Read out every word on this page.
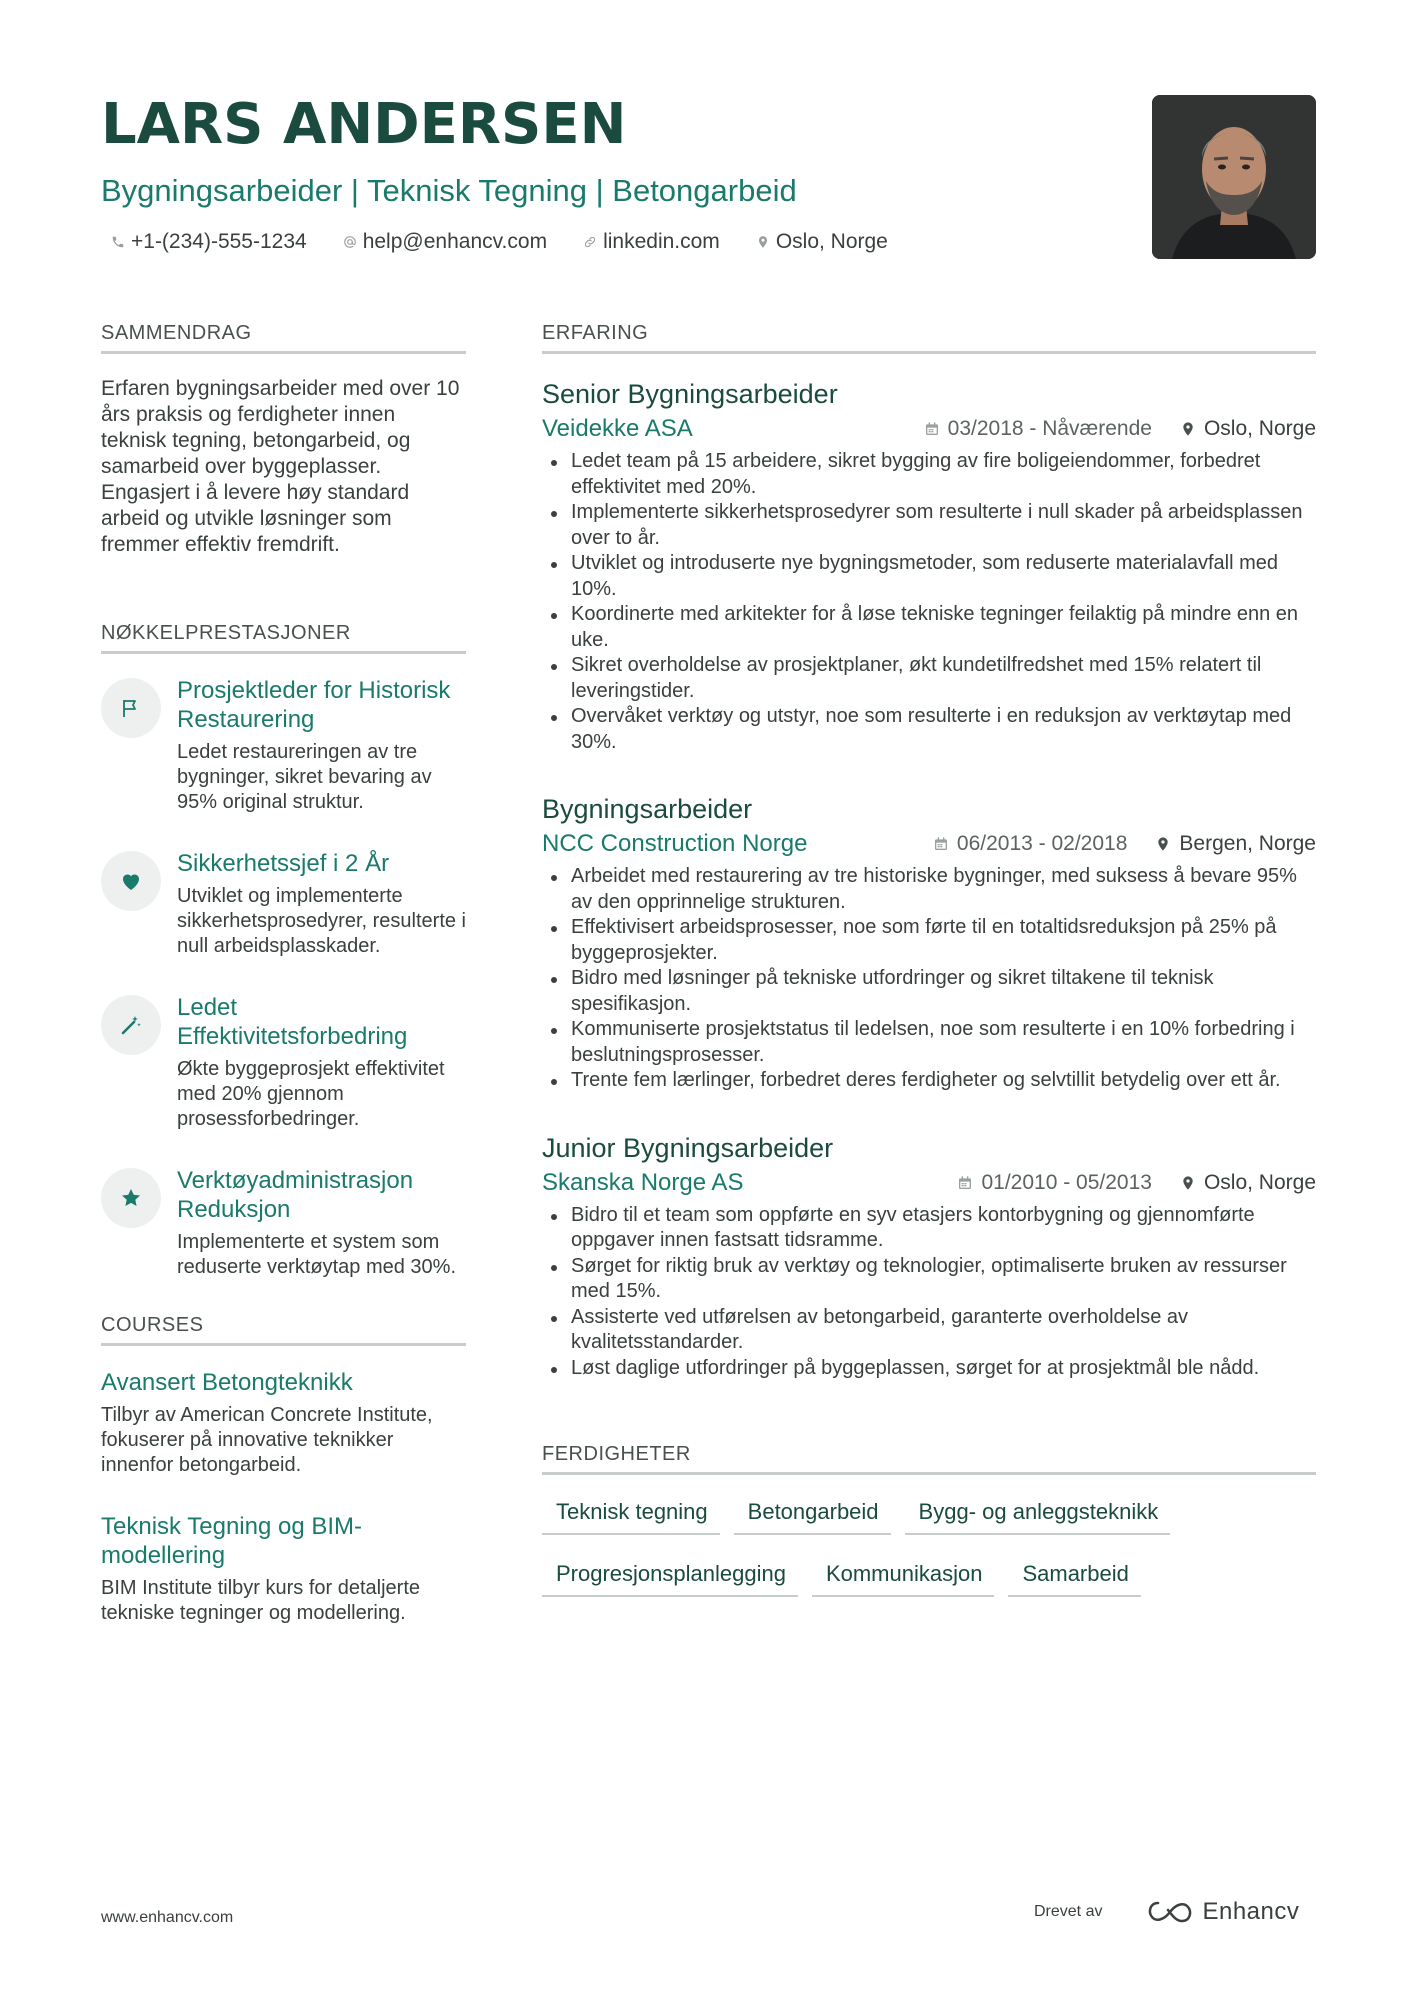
LARS ANDERSEN
Bygningsarbeider | Teknisk Tegning | Betongarbeid
+1-(234)-555-1234	help@enhancv.com	linkedin.com	Oslo, Norge
SAMMENDRAG
Erfaren bygningsarbeider med over 10 års praksis og ferdigheter innen teknisk tegning, betongarbeid, og samarbeid over byggeplasser. Engasjert i å levere høy standard arbeid og utvikle løsninger som fremmer effektiv fremdrift.
NØKKELPRESTASJONER
Prosjektleder for Historisk Restaurering
Ledet restaureringen av tre bygninger, sikret bevaring av 95% original struktur.
Sikkerhetssjef i 2 År
Utviklet og implementerte sikkerhetsprosedyrer, resulterte i null arbeidsplasskader.
Ledet Effektivitetsforbedring
Økte byggeprosjekt effektivitet med 20% gjennom prosessforbedringer.
Verktøyadministrasjon Reduksjon
Implementerte et system som reduserte verktøytap med 30%.
COURSES
Avansert Betongteknikk
Tilbyr av American Concrete Institute, fokuserer på innovative teknikker innenfor betongarbeid.
Teknisk Tegning og BIM-modellering
BIM Institute tilbyr kurs for detaljerte tekniske tegninger og modellering.
ERFARING
Senior Bygningsarbeider
Veidekke ASA	03/2018 - Nåværende Oslo, Norge
Ledet team på 15 arbeidere, sikret bygging av fire boligeiendommer, forbedret effektivitet med 20%.
Implementerte sikkerhetsprosedyrer som resulterte i null skader på arbeidsplassen over to år.
Utviklet og introduserte nye bygningsmetoder, som reduserte materialavfall med 10%.
Koordinerte med arkitekter for å løse tekniske tegninger feilaktig på mindre enn en uke.
Sikret overholdelse av prosjektplaner, økt kundetilfredshet med 15% relatert til leveringstider.
Overvåket verktøy og utstyr, noe som resulterte i en reduksjon av verktøytap med 30%.
Bygningsarbeider
NCC Construction Norge	06/2013 - 02/2018 Bergen, Norge
Arbeidet med restaurering av tre historiske bygninger, med suksess å bevare 95% av den opprinnelige strukturen.
Effektivisert arbeidsprosesser, noe som førte til en totaltidsreduksjon på 25% på byggeprosjekter.
Bidro med løsninger på tekniske utfordringer og sikret tiltakene til teknisk spesifikasjon.
Kommuniserte prosjektstatus til ledelsen, noe som resulterte i en 10% forbedring i beslutningsprosesser.
Trente fem lærlinger, forbedret deres ferdigheter og selvtillit betydelig over ett år.
Junior Bygningsarbeider
Skanska Norge AS	01/2010 - 05/2013 Oslo, Norge
Bidro til et team som oppførte en syv etasjers kontorbygning og gjennomførte oppgaver innen fastsatt tidsramme.
Sørget for riktig bruk av verktøy og teknologier, optimaliserte bruken av ressurser med 15%.
Assisterte ved utførelsen av betongarbeid, garanterte overholdelse av kvalitetsstandarder.
Løst daglige utfordringer på byggeplassen, sørget for at prosjektmål ble nådd.
FERDIGHETER
Teknisk tegning	Betongarbeid	Bygg- og anleggsteknikk
Progresjonsplanlegging	Kommunikasjon	Samarbeid
www.enhancv.com	Drevet av	Enhancv
